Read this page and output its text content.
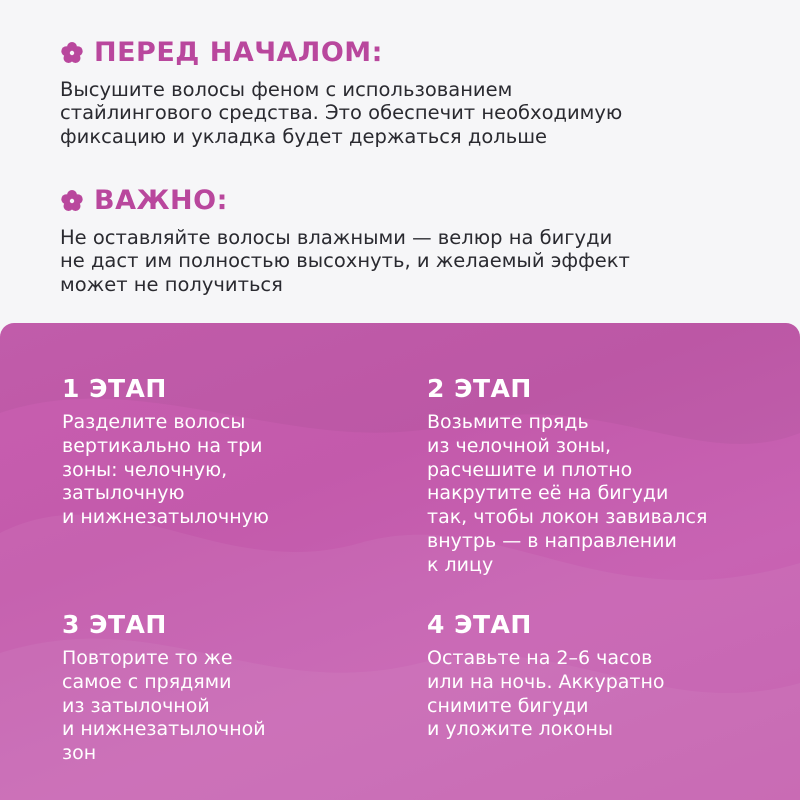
ПЕРЕД НАЧАЛОМ:

Высушите волосы феном с использованием
стайлингового средства. Это обеспечит необходимую
фиксацию и укладка будет держаться дольше

ВАЖНО:

Не оставляйте волосы влажными — велюр на бигуди
не даст им полностью высохнуть, и желаемый эффект
может не получиться

1 ЭТАП

Разделите волосы
вертикально на три
зоны: челочную,
затылочную
и нижнезатылочную

2 ЭТАП

Возьмите прядь
из челочной зоны,
расчешите и плотно
накрутите её на бигуди
так, чтобы локон завивался
внутрь — в направлении
к лицу

3 ЭТАП

Повторите то же
самое с прядями
из затылочной
и нижнезатылочной
зон

4 ЭТАП

Оставьте на 2–6 часов
или на ночь. Аккуратно
снимите бигуди
и уложите локоны
